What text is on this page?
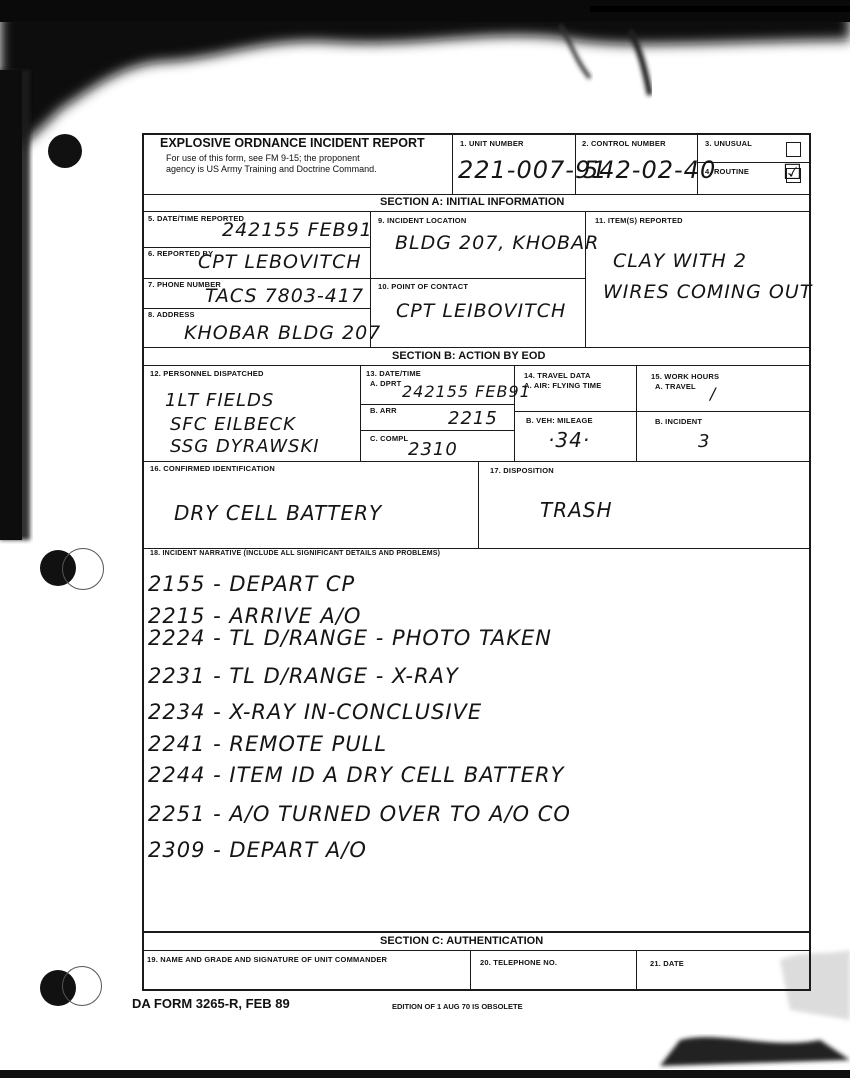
EXPLOSIVE ORDNANCE INCIDENT REPORT
For use of this form, see FM 9-15; the proponent
agency is US Army Training and Doctrine Command.
1. UNIT NUMBER
221-007-91
2. CONTROL NUMBER
542-02-40
3. UNUSUAL
4. ROUTINE ☑
SECTION A: INITIAL INFORMATION
5. DATE/TIME REPORTED
242155 FEB91
6. REPORTED BY
CPT LEBOVITCH
7. PHONE NUMBER
TACS 7803-417
8. ADDRESS
KHOBAR BLDG 207
9. INCIDENT LOCATION
BLDG 207, KHOBAR
10. POINT OF CONTACT
CPT LEIBOVITCH
11. ITEM(S) REPORTED
CLAY WITH 2
WIRES COMING OUT
SECTION B: ACTION BY EOD
12. PERSONNEL DISPATCHED
1LT FIELDS
SFC EILBECK
SSG DYRAWSKI
13. DATE/TIME
A. DPRT 242155 FEB91
B. ARR	2215
C. COMPL
2310
14. TRAVEL DATA
A. AIR: FLYING TIME
B. VEH: MILEAGE
·34·
15. WORK HOURS
A. TRAVEL /
B. INCIDENT
3
16. CONFIRMED IDENTIFICATION
DRY CELL BATTERY
17. DISPOSITION
TRASH
18. INCIDENT NARRATIVE (INCLUDE ALL SIGNIFICANT DETAILS AND PROBLEMS)
2155 - DEPART CP
2215 - ARRIVE A/O
2224 - TL D/RANGE - PHOTO TAKEN
2231 - TL D/RANGE - X-RAY
2234 - X-RAY IN-CONCLUSIVE
2241 - REMOTE PULL
2244 - ITEM ID A DRY CELL BATTERY
2251 - A/O TURNED OVER TO A/O CO
2309 - DEPART A/O
SECTION C: AUTHENTICATION
19. NAME AND GRADE AND SIGNATURE OF UNIT COMMANDER	20. TELEPHONE NO.	21. DATE
DA FORM 3265-R, FEB 89	EDITION OF 1 AUG 70 IS OBSOLETE
